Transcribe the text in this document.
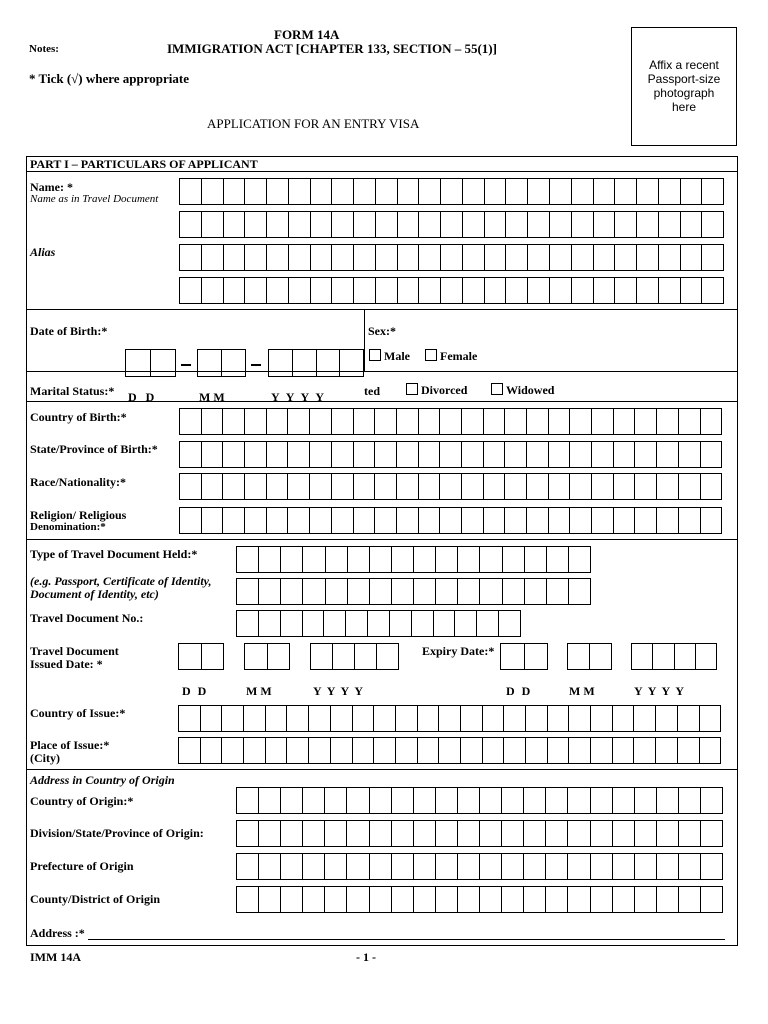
FORM 14A
IMMIGRATION ACT [CHAPTER 133, SECTION – 55(1)]
Notes:
* Tick (√) where appropriate
APPLICATION FOR AN ENTRY VISA
Affix a recent
Passport-size
photograph
here
PART I – PARTICULARS OF APPLICANT
Name: *
Name as in Travel Document
Alias
Date of Birth:*
D D	M M	Y Y Y Y
Sex:*
Male	Female
Marital Status:*	ted	Divorced	Widowed
Country of Birth:*
State/Province of Birth:*
Race/Nationality:*
Religion/ Religious
Denomination:*
Type of Travel Document Held:*
(e.g. Passport, Certificate of Identity,
Document of Identity, etc)
Travel Document No.:
Travel Document
Issued Date: *
Expiry Date:*
D D	M M	Y Y Y Y	D D	M M	Y Y Y Y
Country of Issue:*
Place of Issue:*
(City)
Address in Country of Origin
Country of Origin:*
Division/State/Province of Origin:
Prefecture of Origin
County/District of Origin
Address :*
IMM 14A	- 1 -
